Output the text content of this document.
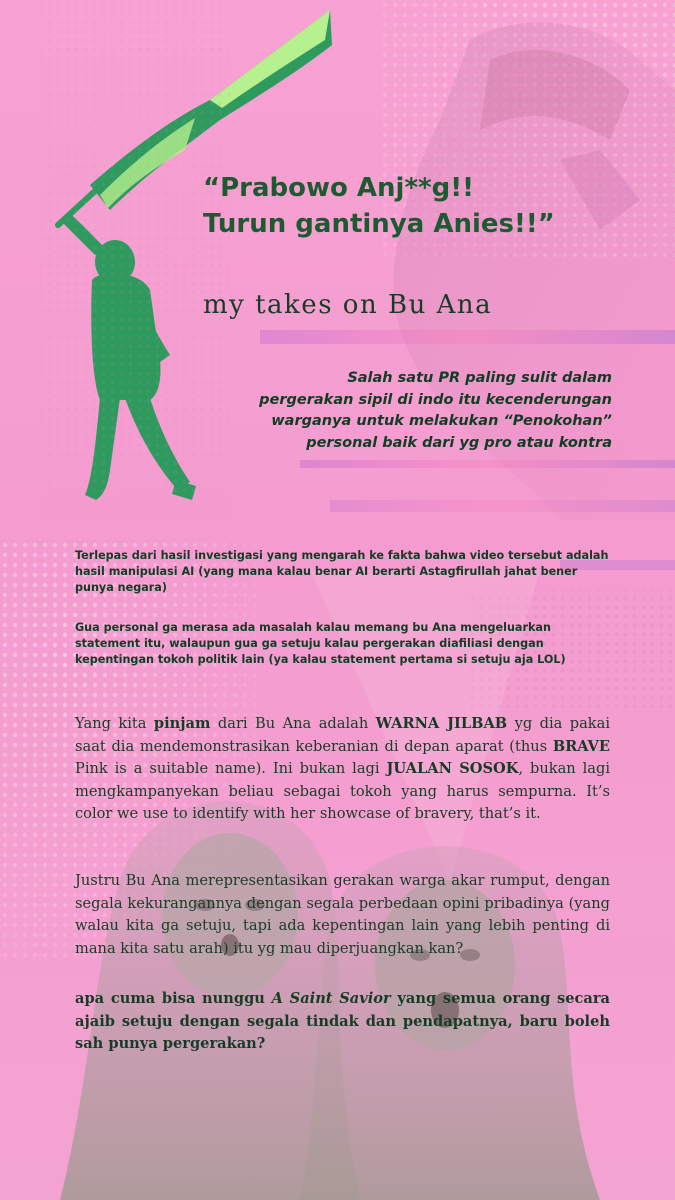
“Prabowo Anj**g!!
Turun gantinya Anies!!”

my takes on Bu Ana

Salah satu PR paling sulit dalam
pergerakan sipil di indo itu kecenderungan
warganya untuk melakukan “Penokohan”
personal baik dari yg pro atau kontra

Terlepas dari hasil investigasi yang mengarah ke fakta bahwa video tersebut adalah hasil manipulasi AI (yang mana kalau benar AI berarti Astagfirullah jahat bener punya negara)

Gua personal ga merasa ada masalah kalau memang bu Ana mengeluarkan statement itu, walaupun gua ga setuju kalau pergerakan diafiliasi dengan kepentingan tokoh politik lain (ya kalau statement pertama si setuju aja LOL)

Yang kita pinjam dari Bu Ana adalah WARNA JILBAB yg dia pakai saat dia mendemonstrasikan keberanian di depan aparat (thus BRAVE Pink is a suitable name). Ini bukan lagi JUALAN SOSOK, bukan lagi mengkampanyekan beliau sebagai tokoh yang harus sempurna. It’s color we use to identify with her showcase of bravery, that’s it.

Justru Bu Ana merepresentasikan gerakan warga akar rumput, dengan segala kekurangannya dengan segala perbedaan opini pribadinya (yang walau kita ga setuju, tapi ada kepentingan lain yang lebih penting di mana kita satu arah) itu yg mau diperjuangkan kan?

apa cuma bisa nunggu A Saint Savior yang semua orang secara ajaib setuju dengan segala tindak dan pendapatnya, baru boleh sah punya pergerakan?
